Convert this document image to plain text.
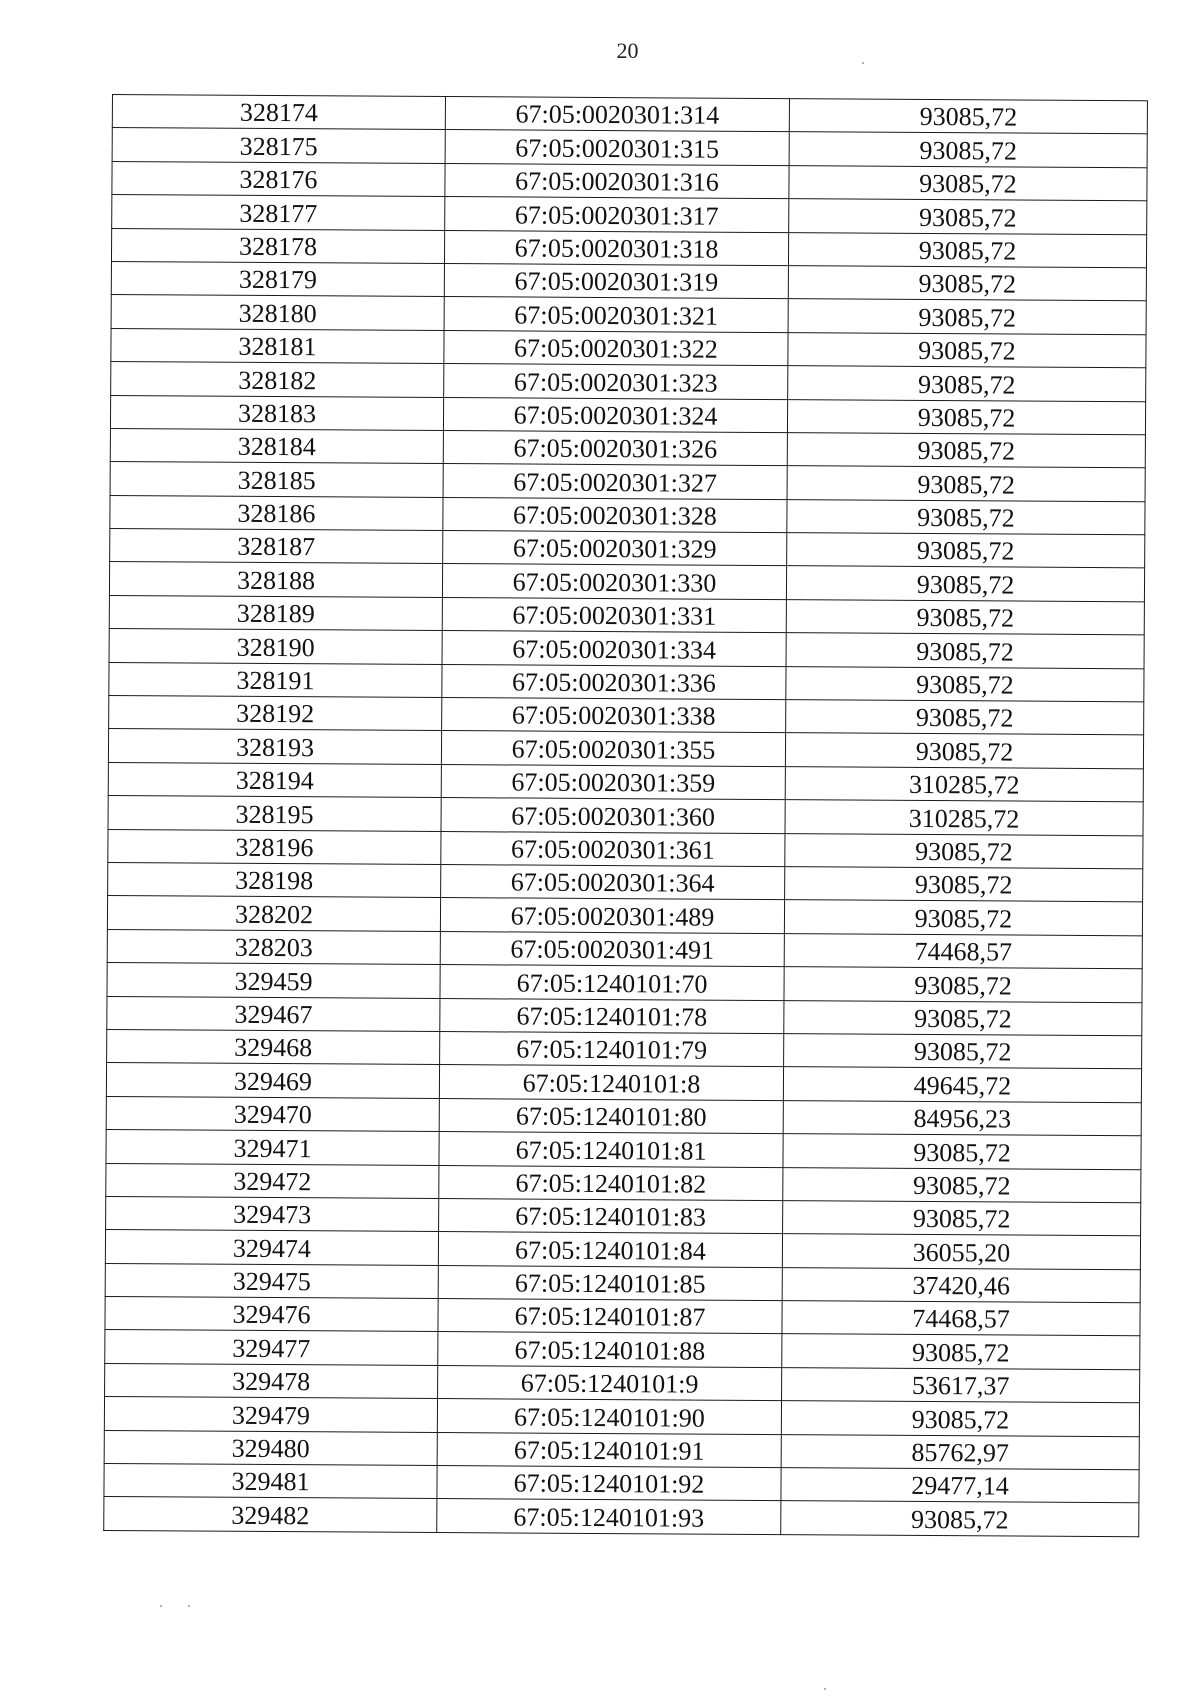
20
328174	67:05:0020301:314	93085,72
328175	67:05:0020301:315	93085,72
328176	67:05:0020301:316	93085,72
328177	67:05:0020301:317	93085,72
328178	67:05:0020301:318	93085,72
328179	67:05:0020301:319	93085,72
328180	67:05:0020301:321	93085,72
328181	67:05:0020301:322	93085,72
328182	67:05:0020301:323	93085,72
328183	67:05:0020301:324	93085,72
328184	67:05:0020301:326	93085,72
328185	67:05:0020301:327	93085,72
328186	67:05:0020301:328	93085,72
328187	67:05:0020301:329	93085,72
328188	67:05:0020301:330	93085,72
328189	67:05:0020301:331	93085,72
328190	67:05:0020301:334	93085,72
328191	67:05:0020301:336	93085,72
328192	67:05:0020301:338	93085,72
328193	67:05:0020301:355	93085,72
328194	67:05:0020301:359	310285,72
328195	67:05:0020301:360	310285,72
328196	67:05:0020301:361	93085,72
328198	67:05:0020301:364	93085,72
328202	67:05:0020301:489	93085,72
328203	67:05:0020301:491	74468,57
329459	67:05:1240101:70	93085,72
329467	67:05:1240101:78	93085,72
329468	67:05:1240101:79	93085,72
329469	67:05:1240101:8	49645,72
329470	67:05:1240101:80	84956,23
329471	67:05:1240101:81	93085,72
329472	67:05:1240101:82	93085,72
329473	67:05:1240101:83	93085,72
329474	67:05:1240101:84	36055,20
329475	67:05:1240101:85	37420,46
329476	67:05:1240101:87	74468,57
329477	67:05:1240101:88	93085,72
329478	67:05:1240101:9	53617,37
329479	67:05:1240101:90	93085,72
329480	67:05:1240101:91	85762,97
329481	67:05:1240101:92	29477,14
329482	67:05:1240101:93	93085,72
